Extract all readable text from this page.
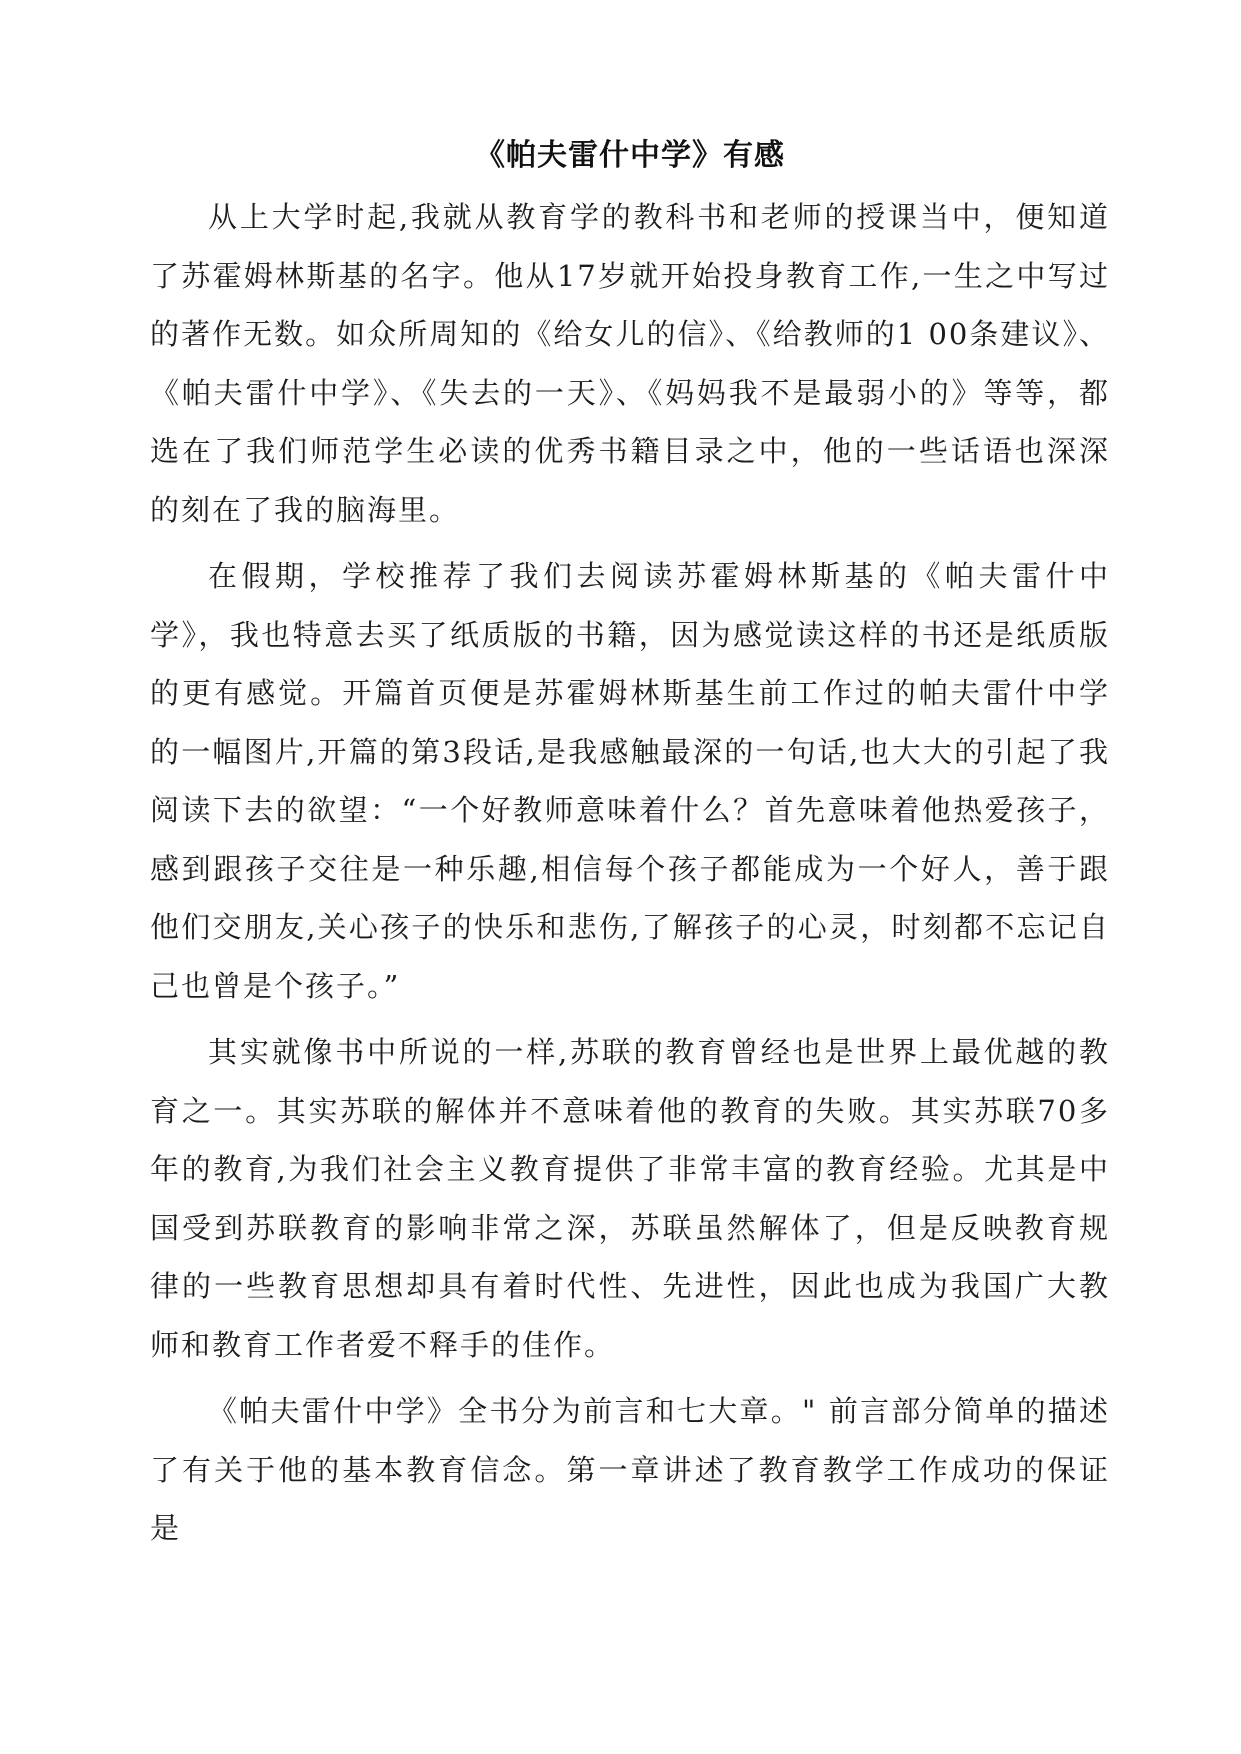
《帕夫雷什中学》有感

从上大学时起,我就从教育学的教科书和老师的授课当中，便知道了苏霍姆林斯基的名字。他从17岁就开始投身教育工作,一生之中写过的著作无数。如众所周知的《给女儿的信》、《给教师的1 00条建议》、《帕夫雷什中学》、《失去的一天》、《妈妈我不是最弱小的》等等，都选在了我们师范学生必读的优秀书籍目录之中，他的一些话语也深深的刻在了我的脑海里。

在假期，学校推荐了我们去阅读苏霍姆林斯基的《帕夫雷什中学》，我也特意去买了纸质版的书籍，因为感觉读这样的书还是纸质版的更有感觉。开篇首页便是苏霍姆林斯基生前工作过的帕夫雷什中学的一幅图片,开篇的第3段话,是我感触最深的一句话,也大大的引起了我阅读下去的欲望：“一个好教师意味着什么？首先意味着他热爱孩子，感到跟孩子交往是一种乐趣,相信每个孩子都能成为一个好人，善于跟他们交朋友,关心孩子的快乐和悲伤,了解孩子的心灵，时刻都不忘记自己也曾是个孩子。”

其实就像书中所说的一样,苏联的教育曾经也是世界上最优越的教育之一。其实苏联的解体并不意味着他的教育的失败。其实苏联70多年的教育,为我们社会主义教育提供了非常丰富的教育经验。尤其是中国受到苏联教育的影响非常之深，苏联虽然解体了，但是反映教育规律的一些教育思想却具有着时代性、先进性，因此也成为我国广大教师和教育工作者爱不释手的佳作。

《帕夫雷什中学》全书分为前言和七大章。" 前言部分简单的描述了有关于他的基本教育信念。第一章讲述了教育教学工作成功的保证是
